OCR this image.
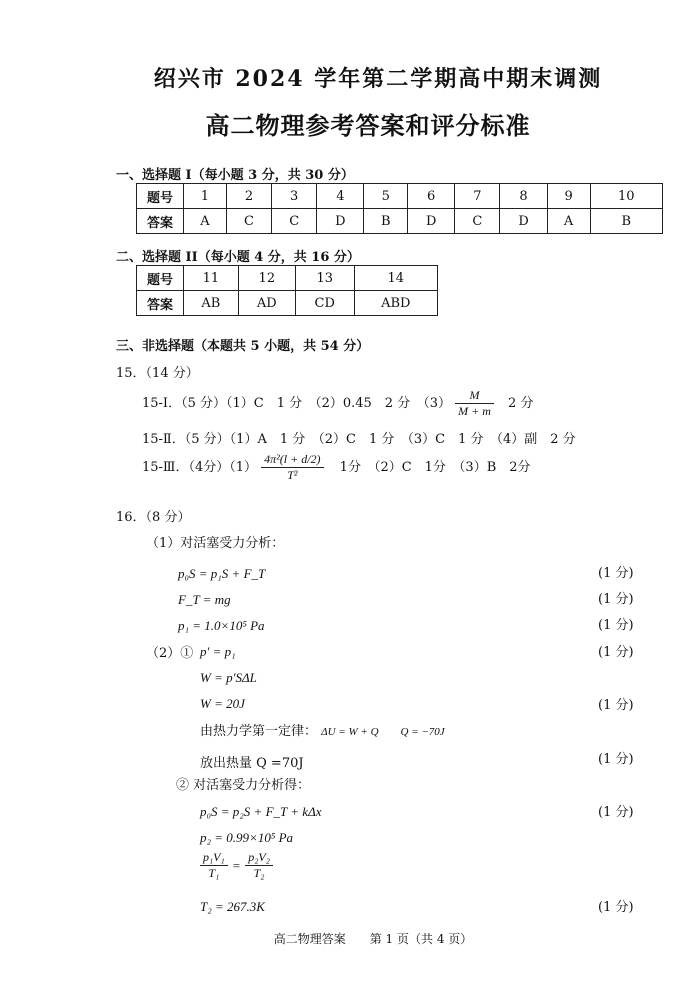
绍兴市 2024 学年第二学期高中期末调测
高二物理参考答案和评分标准
一、选择题 I（每小题 3 分，共 30 分）
题号	1	2	3	4	5	6	7	8	9	10
答案	A	C	C	D	B	D	C	D	A	B
二、选择题 II（每小题 4 分，共 16 分）
题号	11	12	13	14
答案	AB	AD	CD	ABD
三、非选择题（本题共 5 小题，共 54 分）
15．（14 分）
15-Ⅰ．（5 分）（1）C　1 分　（2）0.45　2 分　$(3) \frac{M}{M + m} 2$ 分
15-Ⅱ．（5 分）（1）A　1 分　（2）C　1 分　（3）C　1 分　（4）副　2 分
15-Ⅲ．（4分）$(1) \frac{\text{4π²(l + d/2)}}{\text{T²}} 1$分　（2）C　1分　（3）B　2分
16．（8 分）
（1）对活塞受力分析：
p₀S = p₁S + F_T	(1 分)
F_T = mg	(1 分)
p₁ = 1.0×10⁵ Pa	(1 分)
（2）① p′ = p₁	(1 分)
W = p′SΔL
W = 20J	(1 分)
由热力学第一定律： ΔU = W + Q　　Q = −70J
放出热量 Q =70J	(1 分)
② 对活塞受力分析得：
p₀S = p₂S + F_T + kΔx	(1 分)
p₂ = 0.99×10⁵ Pa
$\frac{\text{p₁V₁}}{\text{T₁}} = \frac{\text{p₂V₂}}{\text{T₂}}$
T₂ = 267.3K	(1 分)
高二物理答案　　第 1 页（共 4 页）
